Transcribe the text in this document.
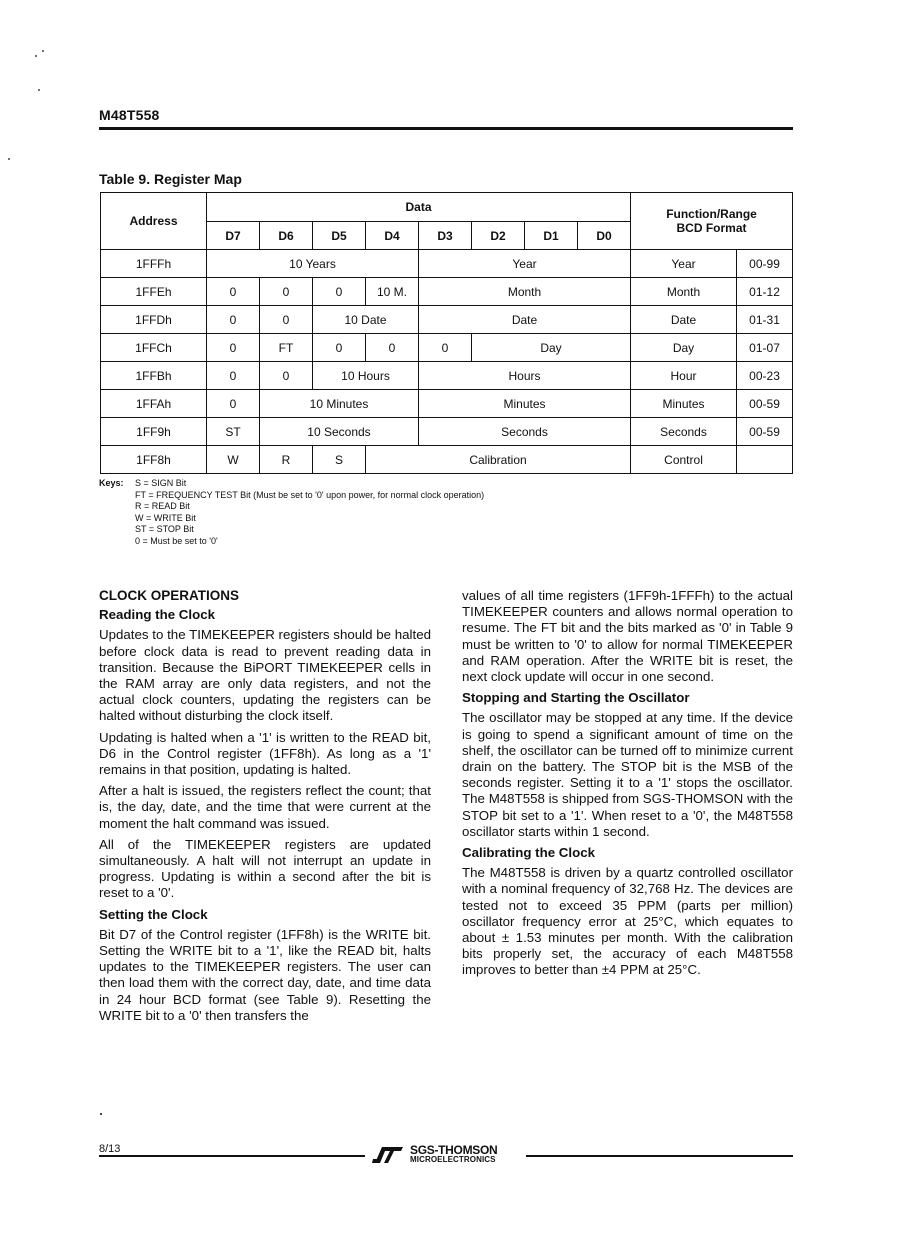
M48T558
Table 9. Register Map
Address	Data								Function/Range
BCD Format	

	D7	D6	D5	D4	D3	D2	D1	D0		
1FFFh	10 Years				Year				Year	00-99
1FFEh	0	0	0	10 M.	Month				Month	01-12
1FFDh	0	0	10 Date		Date				Date	01-31
1FFCh	0	FT	0	0	0	Day			Day	01-07
1FFBh	0	0	10 Hours		Hours				Hour	00-23
1FFAh	0	10 Minutes			Minutes				Minutes	00-59
1FF9h	ST	10 Seconds			Seconds				Seconds	00-59
1FF8h	W	R	S	Calibration					Control	
Keys: S = SIGN Bit
FT = FREQUENCY TEST Bit (Must be set to '0' upon power, for normal clock operation)
R = READ Bit
W = WRITE Bit
ST = STOP Bit
0 = Must be set to '0'
CLOCK OPERATIONS
Reading the Clock

Updates to the TIMEKEEPER registers should be halted before clock data is read to prevent reading data in transition. Because the BiPORT TIMEKEEPER cells in the RAM array are only data registers, and not the actual clock counters, updating the registers can be halted without disturbing the clock itself.

Updating is halted when a '1' is written to the READ bit, D6 in the Control register (1FF8h). As long as a '1' remains in that position, updating is halted.

After a halt is issued, the registers reflect the count; that is, the day, date, and the time that were current at the moment the halt command was issued.

All of the TIMEKEEPER registers are updated simultaneously. A halt will not interrupt an update in progress. Updating is within a second after the bit is reset to a '0'.

Setting the Clock

Bit D7 of the Control register (1FF8h) is the WRITE bit. Setting the WRITE bit to a '1', like the READ bit, halts updates to the TIMEKEEPER registers. The user can then load them with the correct day, date, and time data in 24 hour BCD format (see Table 9). Resetting the WRITE bit to a '0' then transfers the

values of all time registers (1FF9h-1FFFh) to the actual TIMEKEEPER counters and allows normal operation to resume. The FT bit and the bits marked as '0' in Table 9 must be written to '0' to allow for normal TIMEKEEPER and RAM operation. After the WRITE bit is reset, the next clock update will occur in one second.

Stopping and Starting the Oscillator

The oscillator may be stopped at any time. If the device is going to spend a significant amount of time on the shelf, the oscillator can be turned off to minimize current drain on the battery. The STOP bit is the MSB of the seconds register. Setting it to a '1' stops the oscillator. The M48T558 is shipped from SGS-THOMSON with the STOP bit set to a '1'. When reset to a '0', the M48T558 oscillator starts within 1 second.

Calibrating the Clock

The M48T558 is driven by a quartz controlled oscillator with a nominal frequency of 32,768 Hz. The devices are tested not to exceed 35 PPM (parts per million) oscillator frequency error at 25°C, which equates to about ± 1.53 minutes per month. With the calibration bits properly set, the accuracy of each M48T558 improves to better than ±4 PPM at 25°C.

8/13	SGS-THOMSON
MICROELECTRONICS
